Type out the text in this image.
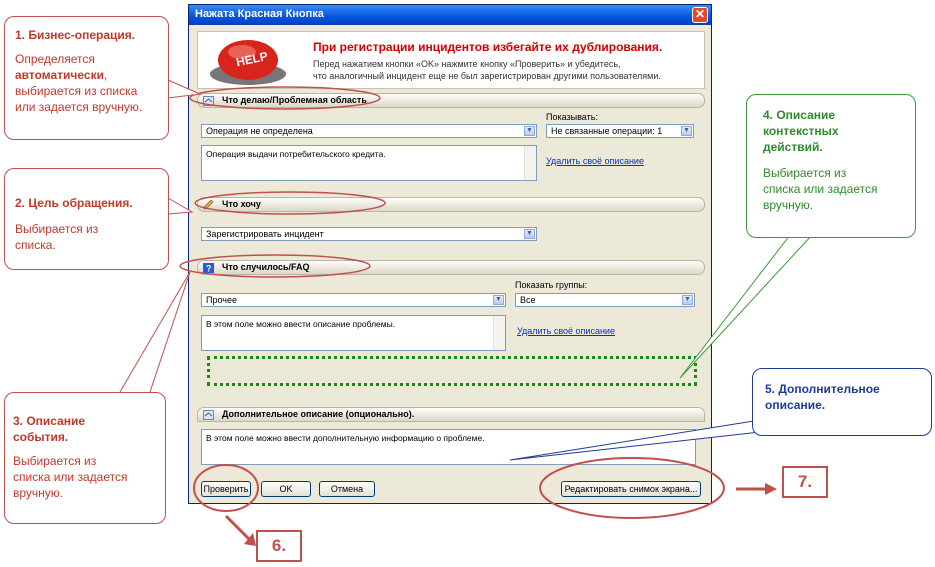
Нажата Красная Кнопка	✕
HELP
При регистрации инцидентов избегайте их дублирования.
Перед нажатием кнопки «OK» нажмите кнопку «Проверить» и убедитесь,
что аналогичный инцидент еще не был зарегистрирован другими пользователями.
Что делаю/Проблемная область
Показывать:
Операция не определена	▼	Не связанные операции: 1	▼
Операция выдачи потребительского кредита.
Удалить своё описание
Что хочу
Зарегистрировать инцидент	▼
? Что случилось/FAQ
Показать группы:
Прочее	▼	Все	▼
В этом поле можно ввести описание проблемы.
Удалить своё описание
Дополнительное описание (опционально).
В этом поле можно ввести дополнительную информацию о проблеме.
Проверить	OK	Отмена	Редактировать снимок экрана...
1. Бизнес-операция.
Определяется
автоматически,
выбирается из списка
или задается вручную.
2. Цель обращения.
Выбирается из
списка.
3. Описание
события.
Выбирается из
списка или задается
вручную.
4. Описание
контекстных
действий.
Выбирается из
списка или задается
вручную.
5. Дополнительное
описание.
6.
7.
